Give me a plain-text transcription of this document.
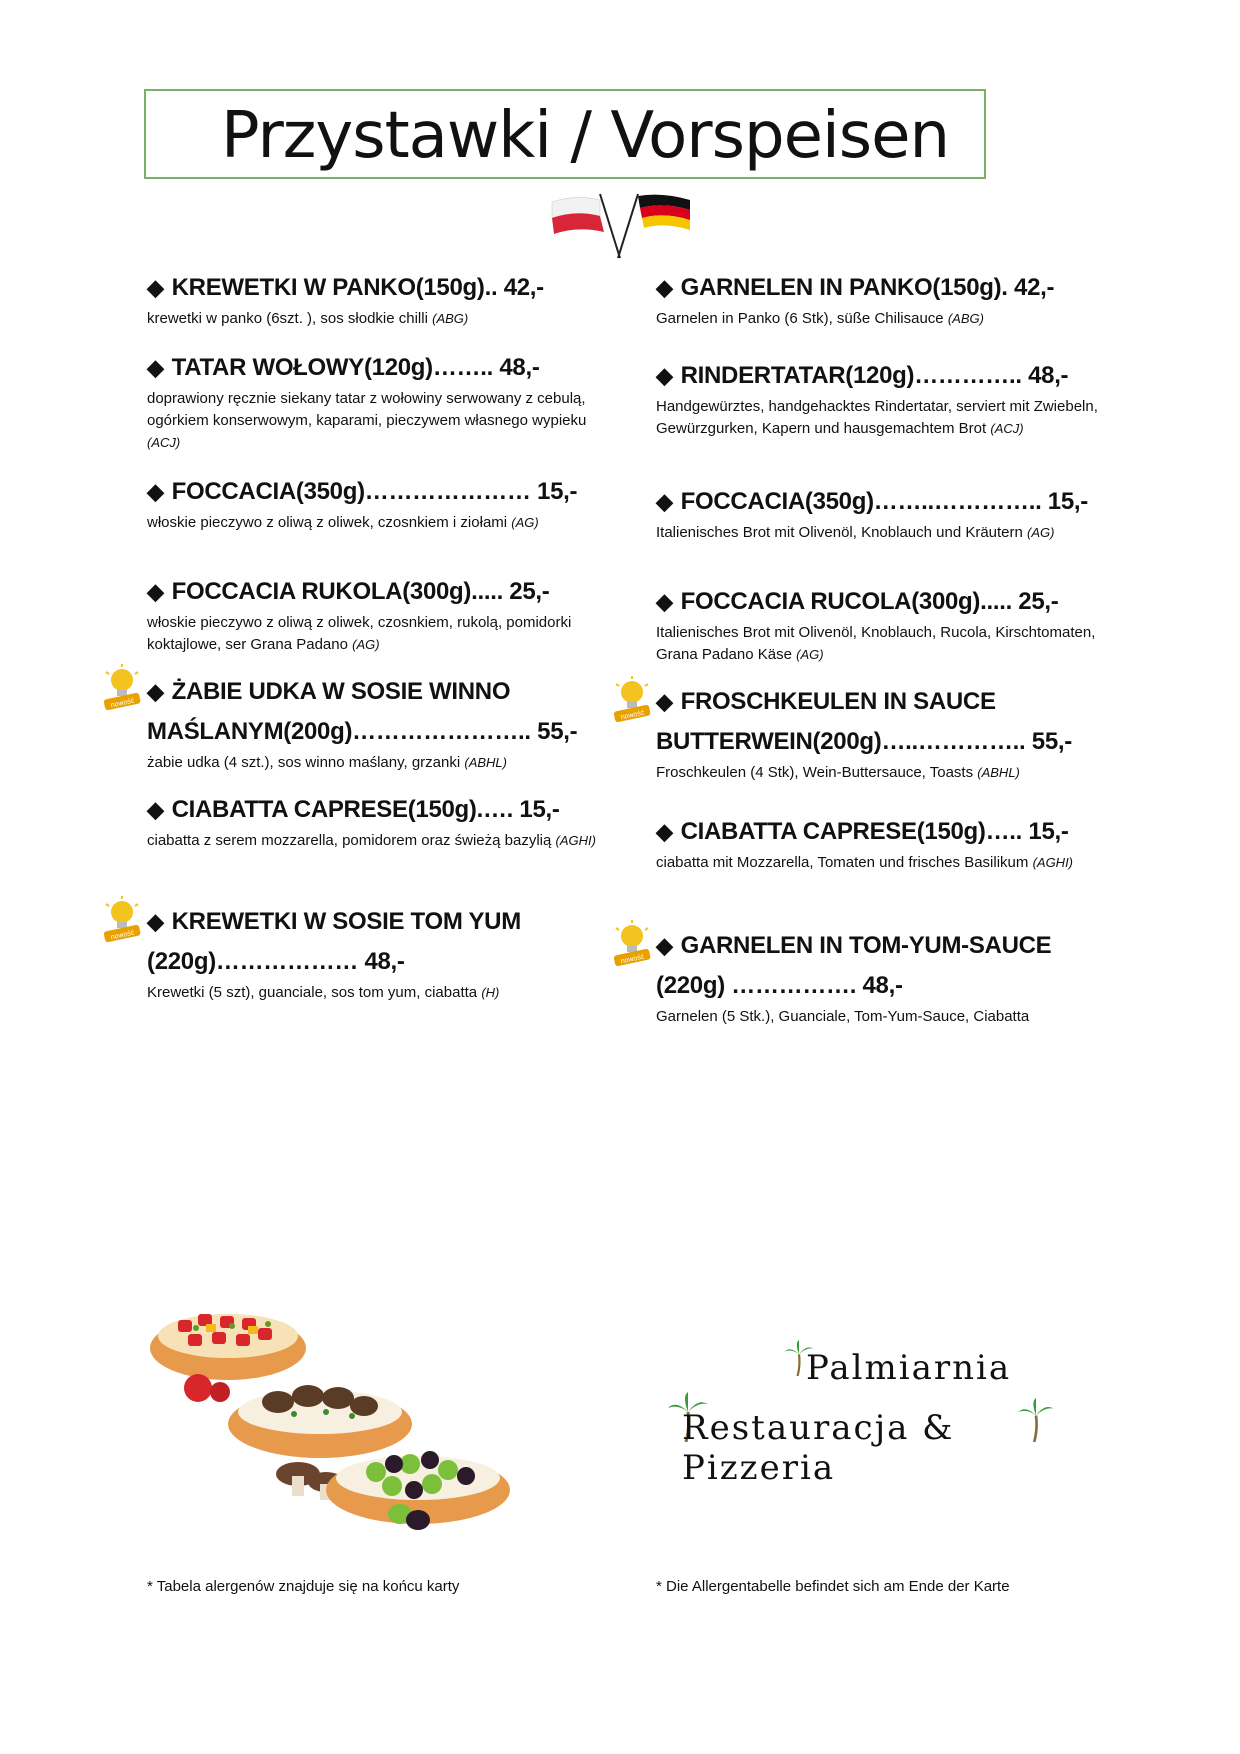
Przystawki / Vorspeisen
◆ KREWETKI W PANKO(150g).. 42,-
krewetki w panko (6szt. ), sos słodkie chilli (ABG)
◆ TATAR WOŁOWY(120g)…….. 48,-
doprawiony ręcznie siekany tatar z wołowiny serwowany z cebulą, ogórkiem konserwowym, kaparami, pieczywem własnego wypieku (ACJ)
◆ FOCCACIA(350g)………………… 15,-
włoskie pieczywo z oliwą z oliwek, czosnkiem i ziołami (AG)
◆ FOCCACIA RUKOLA(300g)..... 25,-
włoskie pieczywo z oliwą z oliwek, czosnkiem, rukolą, pomidorki koktajlowe, ser Grana Padano (AG)
◆ ŻABIE UDKA W SOSIE WINNO MAŚLANYM(200g)………………….. 55,-
żabie udka (4 szt.), sos winno maślany, grzanki (ABHL)
◆ CIABATTA CAPRESE(150g).…. 15,-
ciabatta z serem mozzarella, pomidorem oraz świeżą bazylią (AGHI)
◆ KREWETKI W SOSIE TOM YUM (220g)……………… 48,-
Krewetki (5 szt), guanciale, sos tom yum, ciabatta (H)
◆ GARNELEN IN PANKO(150g). 42,-
Garnelen in Panko (6 Stk), süße Chilisauce (ABG)
◆ RINDERTATAR(120g)………….. 48,-
Handgewürztes, handgehacktes Rindertatar, serviert mit Zwiebeln, Gewürzgurken, Kapern und hausgemachtem Brot (ACJ)
◆ FOCCACIA(350g)……..………….. 15,-
Italienisches Brot mit Olivenöl, Knoblauch und Kräutern (AG)
◆ FOCCACIA RUCOLA(300g)..... 25,-
Italienisches Brot mit Olivenöl, Knoblauch, Rucola, Kirschtomaten, Grana Padano Käse (AG)
◆ FROSCHKEULEN IN SAUCE BUTTERWEIN(200g)…..………….. 55,-
Froschkeulen (4 Stk), Wein-Buttersauce, Toasts (ABHL)
◆ CIABATTA CAPRESE(150g)….. 15,-
ciabatta mit Mozzarella, Tomaten und frisches Basilikum (AGHI)
◆ GARNELEN IN TOM-YUM-SAUCE (220g) ……………. 48,-
Garnelen (5 Stk.), Guanciale, Tom-Yum-Sauce, Ciabatta
nowość
nowość
nowość
nowość
Palmiarnia
Restauracja & Pizzeria
* Tabela alergenów znajduje się na końcu karty	* Die Allergentabelle befindet sich am Ende der Karte
